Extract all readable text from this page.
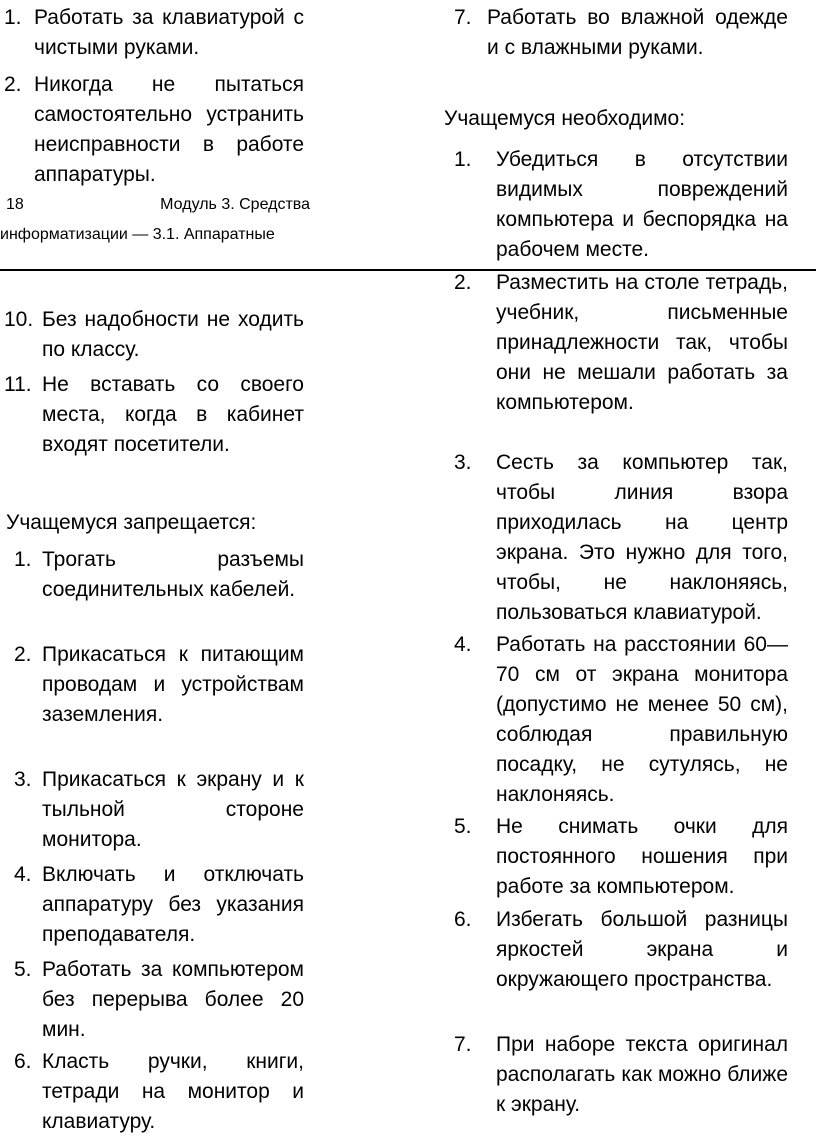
1. Работать за клавиатурой с чистыми руками.
2. Никогда не пытаться самостоятельно устранить неисправности в работе аппаратуры.
18	Модуль 3. Средства
информатизации — 3.1. Аппаратные
7. Работать во влажной одежде и с влажными руками.
Учащемуся необходимо:
1.	Убедиться в отсутствии видимых повреждений компьютера и беспорядка на рабочем месте.
10. Без надобности не ходить по классу.
11. Не вставать со своего места, когда в кабинет входят посетители.
Учащемуся запрещается:
1. Трогать разъемы соединительных кабелей.
2. Прикасаться к питающим проводам и устройствам заземления.
3. Прикасаться к экрану и к тыльной стороне монитора.
4. Включать и отключать аппаратуру без указания преподавателя.
5. Работать за компьютером без перерыва более 20 мин.
6. Класть ручки, книги, тетради на монитор и клавиатуру.
2.	Разместить на столе тетрадь, учебник, письменные принадлежности так, чтобы они не мешали работать за компьютером.
3.	Сесть за компьютер так, чтобы линия взора приходилась на центр экрана. Это нужно для того, чтобы, не наклоняясь, пользоваться клавиатурой.
4.	Работать на расстоянии 60—70 см от экрана монитора (допустимо не менее 50 см), соблюдая правильную посадку, не сутулясь, не наклоняясь.
5.	Не снимать очки для постоянного ношения при работе за компьютером.
6.	Избегать большой разницы яркостей экрана и окружающего пространства.
7.	При наборе текста оригинал располагать как можно ближе к экрану.
